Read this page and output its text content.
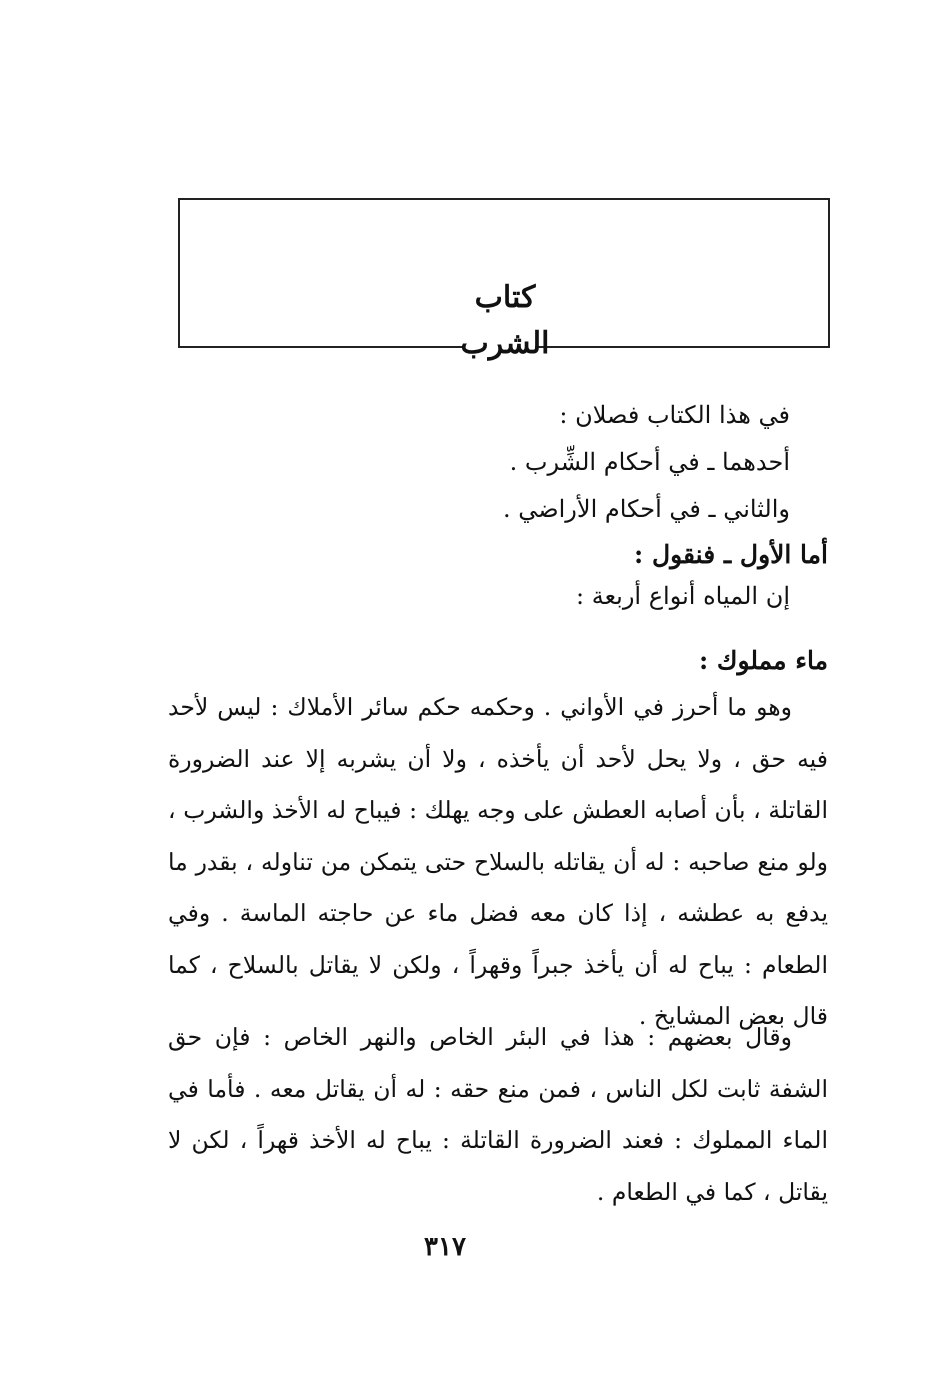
كتاب
الشرب
في هذا الكتاب فصلان :
أحدهما ـ في أحكام الشِّرب .
والثاني ـ في أحكام الأراضي .
أما الأول ـ فنقول :
إن المياه أنواع أربعة :
ماء مملوك :

وهو ما أحرز في الأواني . وحكمه حكم سائر الأملاك : ليس لأحد فيه حق ، ولا يحل لأحد أن يأخذه ، ولا أن يشربه إلا عند الضرورة القاتلة ، بأن أصابه العطش على وجه يهلك : فيباح له الأخذ والشرب ، ولو منع صاحبه : له أن يقاتله بالسلاح حتى يتمكن من تناوله ، بقدر ما يدفع به عطشه ، إذا كان معه فضل ماء عن حاجته الماسة . وفي الطعام : يباح له أن يأخذ جبراً وقهراً ، ولكن لا يقاتل بالسلاح ، كما قال بعض المشايخ .

وقال بعضهم : هذا في البئر الخاص والنهر الخاص : فإن حق الشفة ثابت لكل الناس ، فمن منع حقه : له أن يقاتل معه . فأما في الماء المملوك : فعند الضرورة القاتلة : يباح له الأخذ قهراً ، لكن لا يقاتل ، كما في الطعام .

٣١٧
